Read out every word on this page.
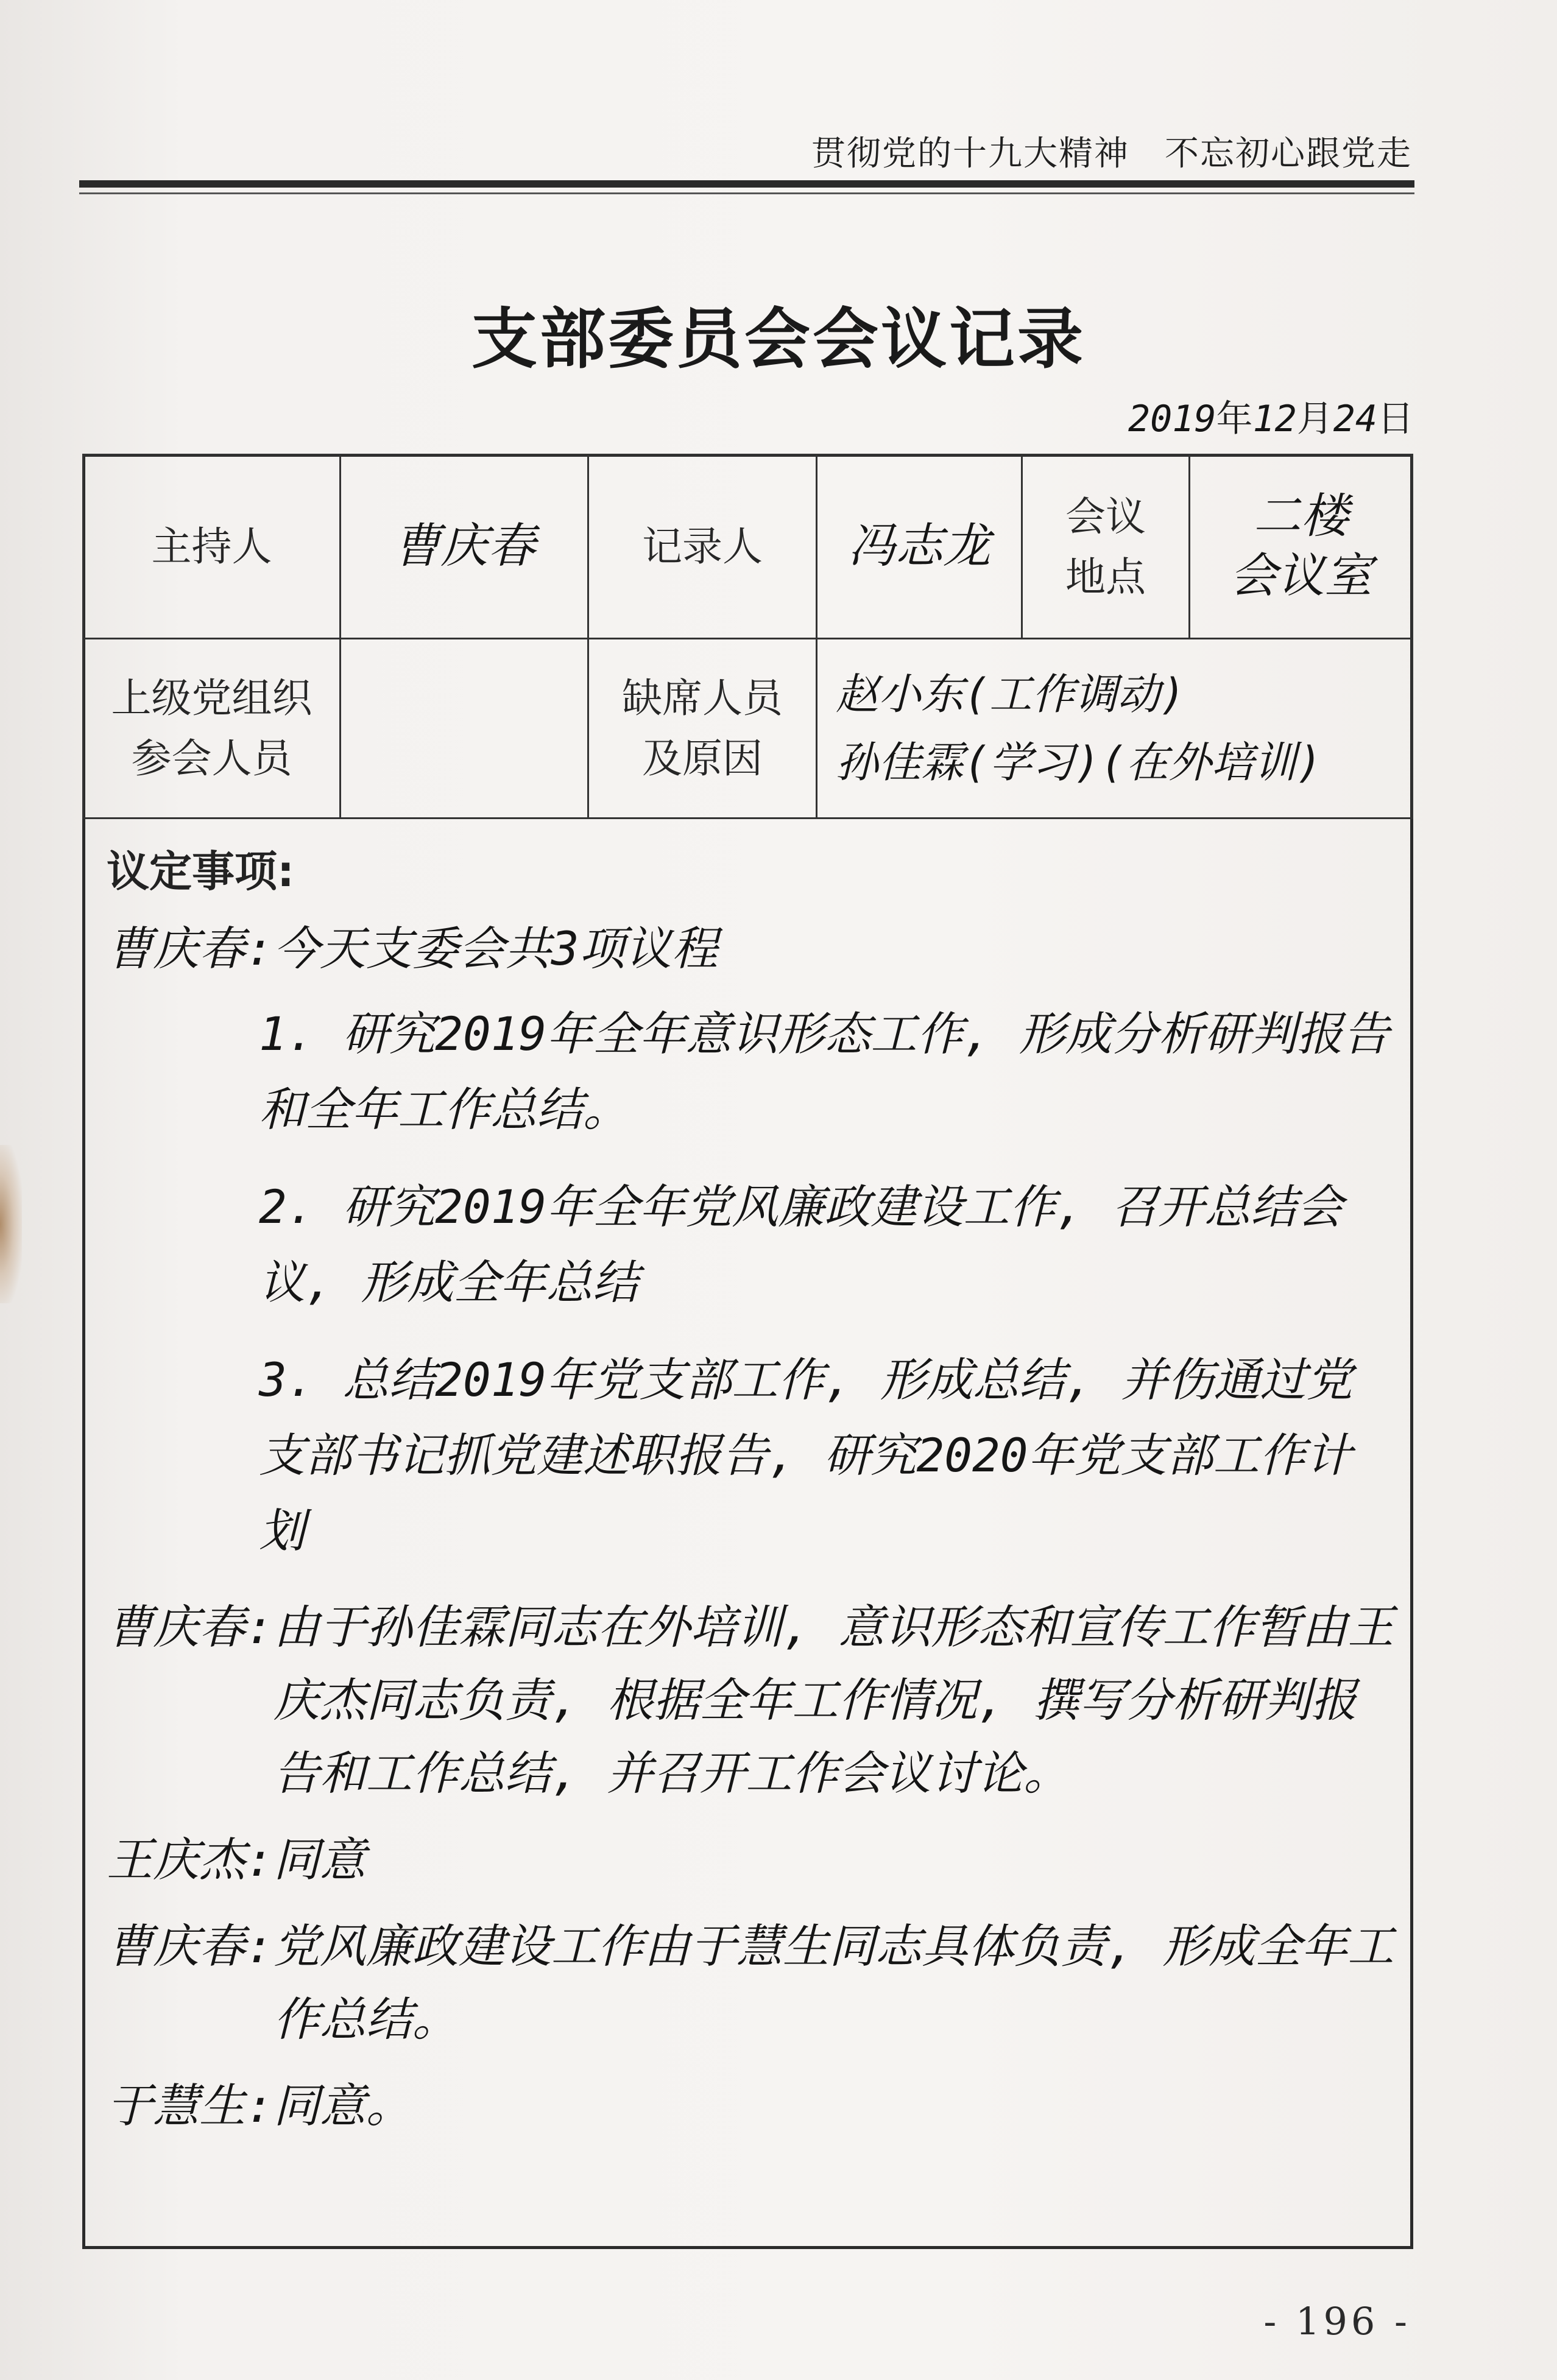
贯彻党的十九大精神　不忘初心跟党走
支部委员会会议记录
2019年12月24日
主持人	曹庆春	记录人 冯志龙
会议
地点
二楼
会议室
上级党组织
参会人员
缺席人员
及原因
赵小东(工作调动)
孙佳霖(学习)(在外培训)
议定事项:
曹庆春: 今天支委会共3项议程
1. 研究2019年全年意识形态工作, 形成分析研判报告和全年工作总结。
2. 研究2019年全年党风廉政建设工作, 召开总结会议, 形成全年总结
3. 总结2019年党支部工作, 形成总结, 并伤通过党支部书记抓党建述职报告, 研究2020年党支部工作计划
曹庆春: 由于孙佳霖同志在外培训, 意识形态和宣传工作暂由王庆杰同志负责, 根据全年工作情况, 撰写分析研判报告和工作总结, 并召开工作会议讨论。
王庆杰: 同意
曹庆春: 党风廉政建设工作由于慧生同志具体负责, 形成全年工作总结。
于慧生: 同意。
- 196 -
